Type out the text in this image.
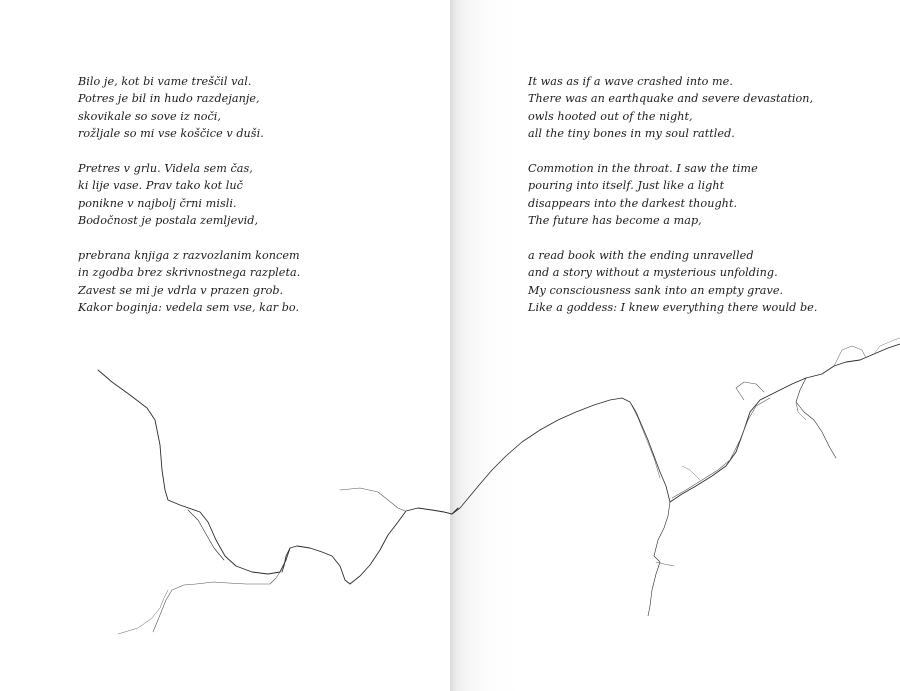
Bilo je, kot bi vame treščil val.
Potres je bil in hudo razdejanje,
skovikale so sove iz noči,
rožljale so mi vse koščice v duši.
Pretres v grlu. Videla sem čas,
ki lije vase. Prav tako kot luč
ponikne v najbolj črni misli.
Bodočnost je postala zemljevid,
prebrana knjiga z razvozlanim koncem
in zgodba brez skrivnostnega razpleta.
Zavest se mi je vdrla v prazen grob.
Kakor boginja: vedela sem vse, kar bo.
It was as if a wave crashed into me.
There was an earthquake and severe devastation,
owls hooted out of the night,
all the tiny bones in my soul rattled.
Commotion in the throat. I saw the time
pouring into itself. Just like a light
disappears into the darkest thought.
The future has become a map,
a read book with the ending unravelled
and a story without a mysterious unfolding.
My consciousness sank into an empty grave.
Like a goddess: I knew everything there would be.
